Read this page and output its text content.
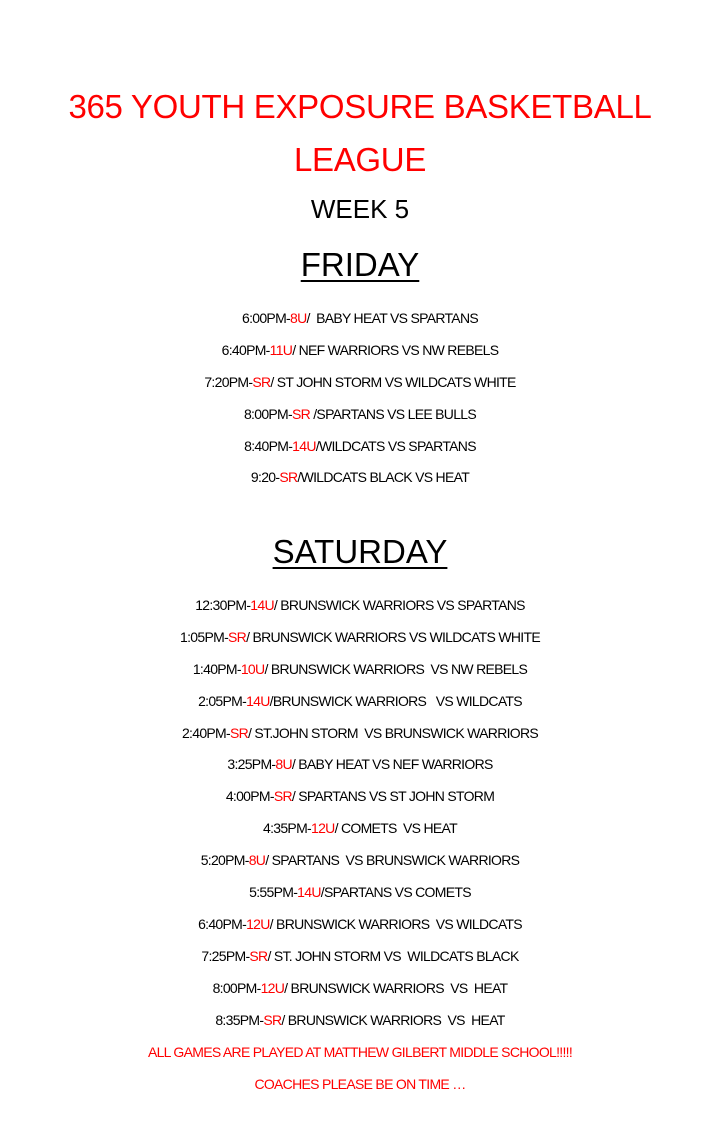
365 YOUTH EXPOSURE BASKETBALL LEAGUE
WEEK 5
FRIDAY
6:00PM-8U/  BABY HEAT VS SPARTANS
6:40PM-11U/ NEF WARRIORS VS NW REBELS
7:20PM-SR/ ST JOHN STORM VS WILDCATS WHITE
8:00PM-SR /SPARTANS VS LEE BULLS
8:40PM-14U/WILDCATS VS SPARTANS
9:20-SR/WILDCATS BLACK VS HEAT
SATURDAY
12:30PM-14U/ BRUNSWICK WARRIORS VS SPARTANS
1:05PM-SR/ BRUNSWICK WARRIORS VS WILDCATS WHITE
1:40PM-10U/ BRUNSWICK WARRIORS  VS NW REBELS
2:05PM-14U/BRUNSWICK WARRIORS   VS WILDCATS
2:40PM-SR/ ST.JOHN STORM  VS BRUNSWICK WARRIORS
3:25PM-8U/ BABY HEAT VS NEF WARRIORS
4:00PM-SR/ SPARTANS VS ST JOHN STORM
4:35PM-12U/ COMETS  VS HEAT
5:20PM-8U/ SPARTANS  VS BRUNSWICK WARRIORS
5:55PM-14U/SPARTANS VS COMETS
6:40PM-12U/ BRUNSWICK WARRIORS  VS WILDCATS
7:25PM-SR/ ST. JOHN STORM VS  WILDCATS BLACK
8:00PM-12U/ BRUNSWICK WARRIORS  VS  HEAT
8:35PM-SR/ BRUNSWICK WARRIORS  VS  HEAT
ALL GAMES ARE PLAYED AT MATTHEW GILBERT MIDDLE SCHOOL!!!!!
COACHES PLEASE BE ON TIME …
